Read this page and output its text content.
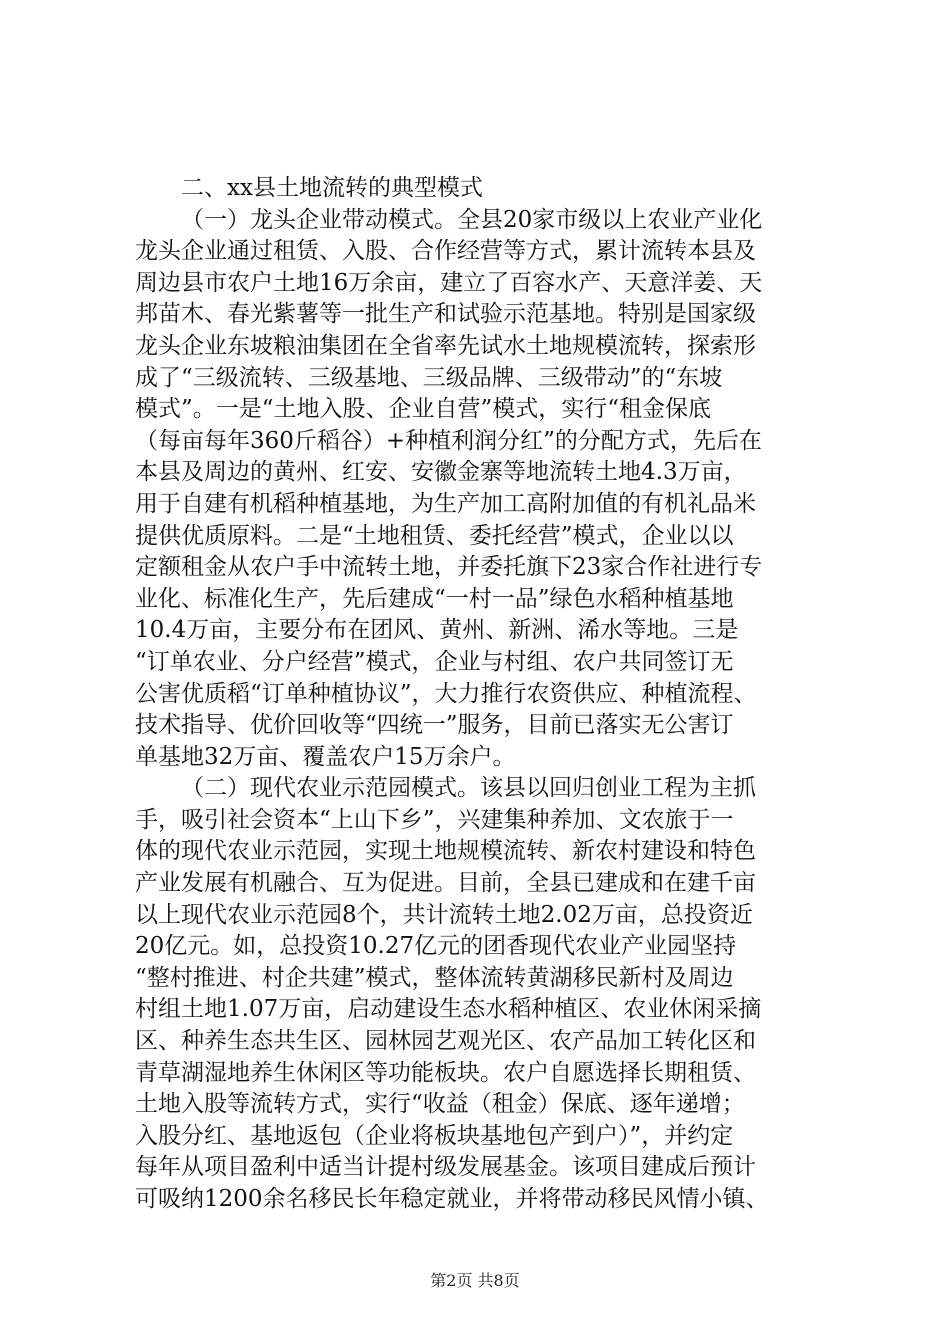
二、xx县土地流转的典型模式
（一）龙头企业带动模式。全县20家市级以上农业产业化
龙头企业通过租赁、入股、合作经营等方式，累计流转本县及
周边县市农户土地16万余亩，建立了百容水产、天意洋姜、天
邦苗木、春光紫薯等一批生产和试验示范基地。特别是国家级
龙头企业东坡粮油集团在全省率先试水土地规模流转，探索形
成了“三级流转、三级基地、三级品牌、三级带动”的“东坡
模式”。一是“土地入股、企业自营”模式，实行“租金保底
（每亩每年360斤稻谷）+种植利润分红”的分配方式，先后在
本县及周边的黄州、红安、安徽金寨等地流转土地4.3万亩，
用于自建有机稻种植基地，为生产加工高附加值的有机礼品米
提供优质原料。二是“土地租赁、委托经营”模式，企业以以
定额租金从农户手中流转土地，并委托旗下23家合作社进行专
业化、标准化生产，先后建成“一村一品”绿色水稻种植基地
10.4万亩，主要分布在团风、黄州、新洲、浠水等地。三是
“订单农业、分户经营”模式，企业与村组、农户共同签订无
公害优质稻“订单种植协议”，大力推行农资供应、种植流程、
技术指导、优价回收等“四统一”服务，目前已落实无公害订
单基地32万亩、覆盖农户15万余户。
（二）现代农业示范园模式。该县以回归创业工程为主抓
手，吸引社会资本“上山下乡”，兴建集种养加、文农旅于一
体的现代农业示范园，实现土地规模流转、新农村建设和特色
产业发展有机融合、互为促进。目前，全县已建成和在建千亩
以上现代农业示范园8个，共计流转土地2.02万亩，总投资近
20亿元。如，总投资10.27亿元的团香现代农业产业园坚持
“整村推进、村企共建”模式，整体流转黄湖移民新村及周边
村组土地1.07万亩，启动建设生态水稻种植区、农业休闲采摘
区、种养生态共生区、园林园艺观光区、农产品加工转化区和
青草湖湿地养生休闲区等功能板块。农户自愿选择长期租赁、
土地入股等流转方式，实行“收益（租金）保底、逐年递增；
入股分红、基地返包（企业将板块基地包产到户）”，并约定
每年从项目盈利中适当计提村级发展基金。该项目建成后预计
可吸纳1200余名移民长年稳定就业，并将带动移民风情小镇、
第2页 共8页
